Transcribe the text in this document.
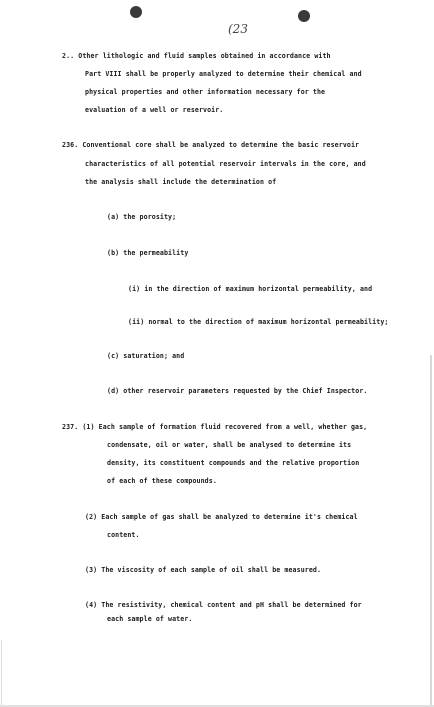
(23
2.. Other lithologic and fluid samples obtained in accordance with
Part VIII shall be properly analyzed to determine their chemical and
physical properties and other information necessary for the
evaluation of a well or reservoir.
236. Conventional core shall be analyzed to determine the basic reservoir
characteristics of all potential reservoir intervals in the core, and
the analysis shall include the determination of
(a) the porosity;
(b) the permeability
(i) in the direction of maximum horizontal permeability, and
(ii) normal to the direction of maximum horizontal permeability;
(c) saturation; and
(d) other reservoir parameters requested by the Chief Inspector.
237. (1) Each sample of formation fluid recovered from a well, whether gas,
condensate, oil or water, shall be analysed to determine its
density, its constituent compounds and the relative proportion
of each of these compounds.
(2) Each sample of gas shall be analyzed to determine it's chemical
content.
(3) The viscosity of each sample of oil shall be measured.
(4) The resistivity, chemical content and pH shall be determined for
each sample of water.
